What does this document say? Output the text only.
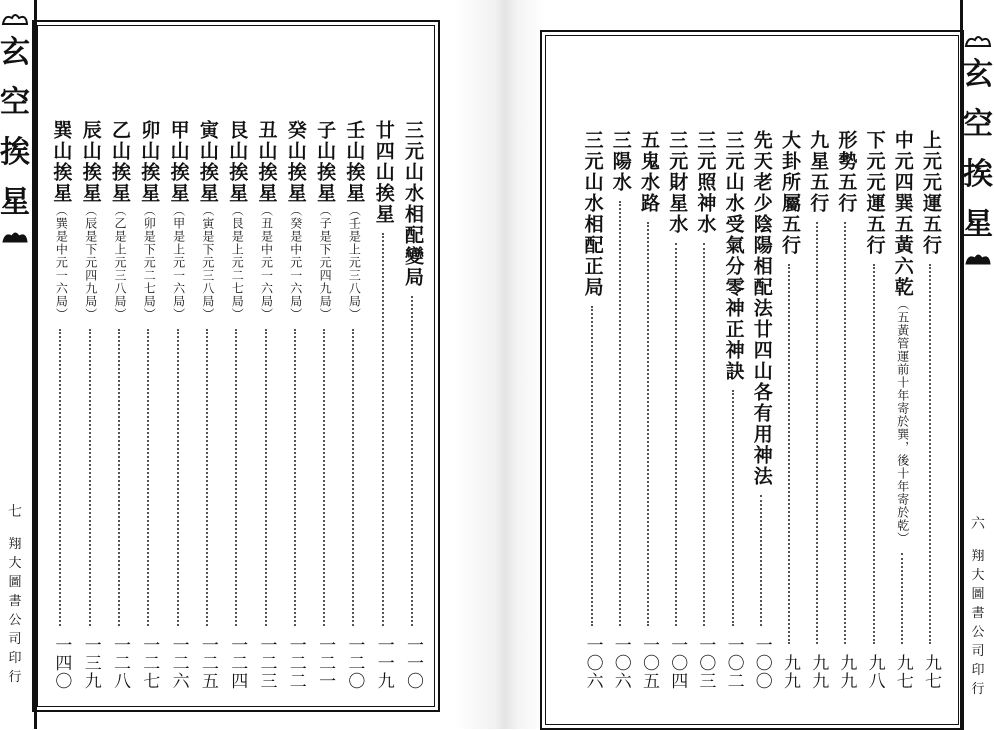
玄
空
挨
星
七
翔
大
圖
書
公
司
印
行
三元山水相配變局
一一〇
廿四山挨星
一一九
壬山挨星（壬是上元三八局）
一二〇
子山挨星（子是下元四九局）
一二一
癸山挨星（癸是中元一六局）
一二二
丑山挨星（丑是中元一六局）
一二三
艮山挨星（艮是上元二七局）
一二四
寅山挨星（寅是下元三八局）
一二五
甲山挨星（甲是上元一六局）
一二六
卯山挨星（卯是下元二七局）
一二七
乙山挨星（乙是上元三八局）
一二八
辰山挨星（辰是下元四九局）
一三九
巽山挨星（巽是中元一六局）
一四〇
上元元運五行
九七
中元四巽五黃六乾（五黃管運前十年寄於巽，後十年寄於乾）
九七
下元元運五行
九八
形勢五行
九九
九星五行
九九
大卦所屬五行
九九
先天老少陰陽相配法廿四山各有用神法
一〇〇
三元山水受氣分零神正神訣
一〇二
三元照神水
一〇三
三元財星水
一〇四
五鬼水路
一〇五
三陽水
一〇六
三元山水相配正局
一〇六
玄
空
挨
星
六
翔
大
圖
書
公
司
印
行
